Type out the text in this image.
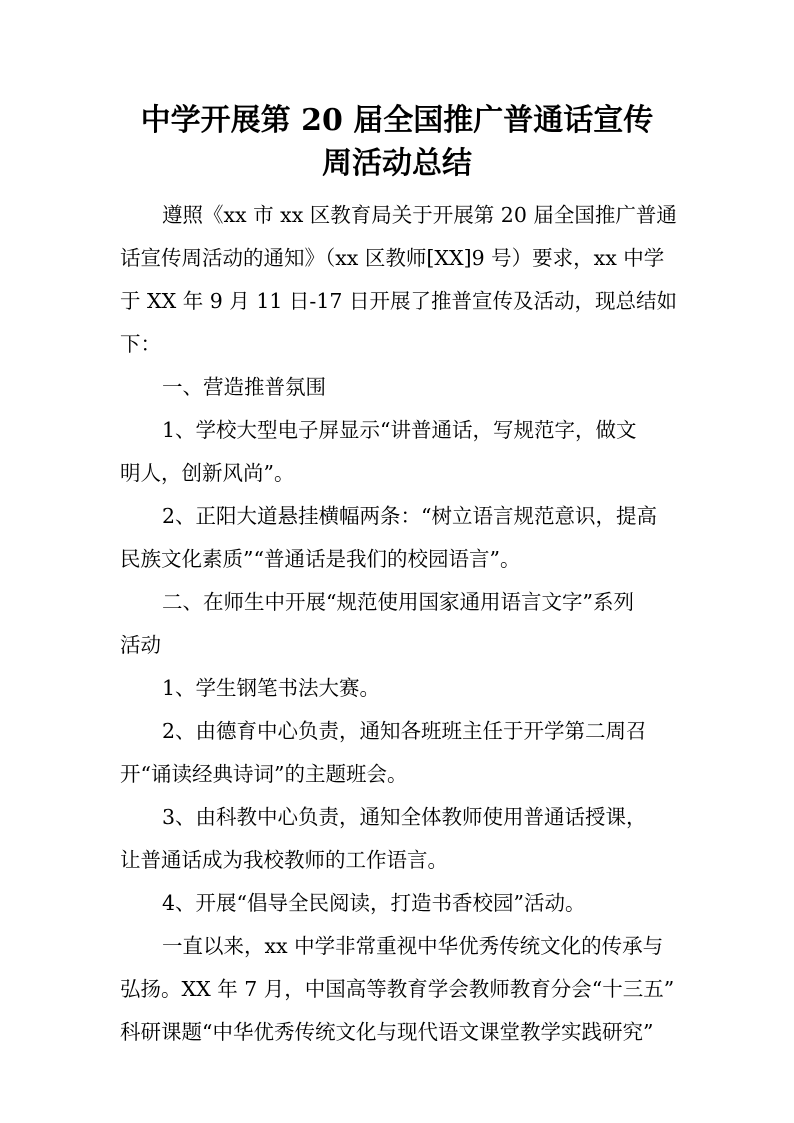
中学开展第 20 届全国推广普通话宣传
周活动总结

遵照《xx 市 xx 区教育局关于开展第 20 届全国推广普通

话宣传周活动的通知》（xx 区教师[XX]9 号）要求，xx 中学

于 XX 年 9 月 11 日-17 日开展了推普宣传及活动，现总结如

下：

一、营造推普氛围

1、学校大型电子屏显示“讲普通话，写规范字，做文

明人，创新风尚”。

2、正阳大道悬挂横幅两条：“树立语言规范意识，提高

民族文化素质”“普通话是我们的校园语言”。

二、在师生中开展“规范使用国家通用语言文字”系列

活动

1、学生钢笔书法大赛。

2、由德育中心负责，通知各班班主任于开学第二周召

开“诵读经典诗词”的主题班会。

3、由科教中心负责，通知全体教师使用普通话授课，

让普通话成为我校教师的工作语言。

4、开展“倡导全民阅读，打造书香校园”活动。

一直以来，xx 中学非常重视中华优秀传统文化的传承与

弘扬。XX 年 7 月，中国高等教育学会教师教育分会“十三五”

科研课题“中华优秀传统文化与现代语文课堂教学实践研究”
